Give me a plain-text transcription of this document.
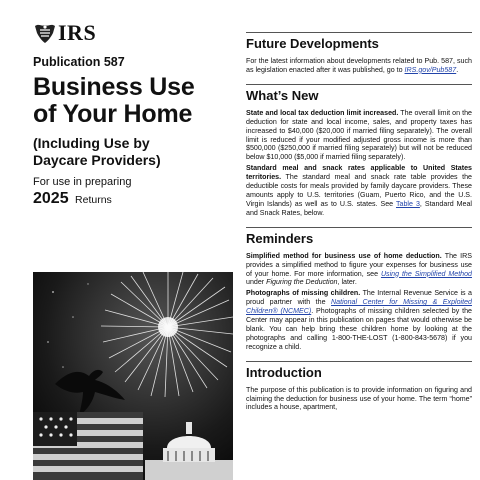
IRS
Publication 587
Business Use
of Your Home
(Including Use by
Daycare Providers)
For use in preparing
2025 Returns
Future Developments

For the latest information about developments related to Pub. 587, such as legislation enacted after it was published, go to IRS.gov/Pub587.

What’s New

State and local tax deduction limit increased. The overall limit on the deduction for state and local income, sales, and property taxes has increased to $40,000 ($20,000 if married filing separately). The overall limit is reduced if your modified adjusted gross income is more than $500,000 ($250,000 if married filing separately) but will not be reduced below $10,000 ($5,000 if married filing separately).

Standard meal and snack rates applicable to United States territories. The standard meal and snack rate table provides the deductible costs for meals provided by family daycare providers. These amounts apply to U.S. territories (Guam, Puerto Rico, and the U.S. Virgin Islands) as well as to U.S. states. See Table 3, Standard Meal and Snack Rates, below.

Reminders

Simplified method for business use of home deduction. The IRS provides a simplified method to figure your expenses for business use of your home. For more information, see Using the Simplified Method under Figuring the Deduction, later.

Photographs of missing children. The Internal Revenue Service is a proud partner with the National Center for Missing & Exploited Children® (NCMEC). Photographs of missing children selected by the Center may appear in this publication on pages that would otherwise be blank. You can help bring these children home by looking at the photographs and calling 1-800-THE-LOST (1-800-843-5678) if you recognize a child.

Introduction

The purpose of this publication is to provide information on figuring and claiming the deduction for business use of your home. The term “home” includes a house, apartment,
